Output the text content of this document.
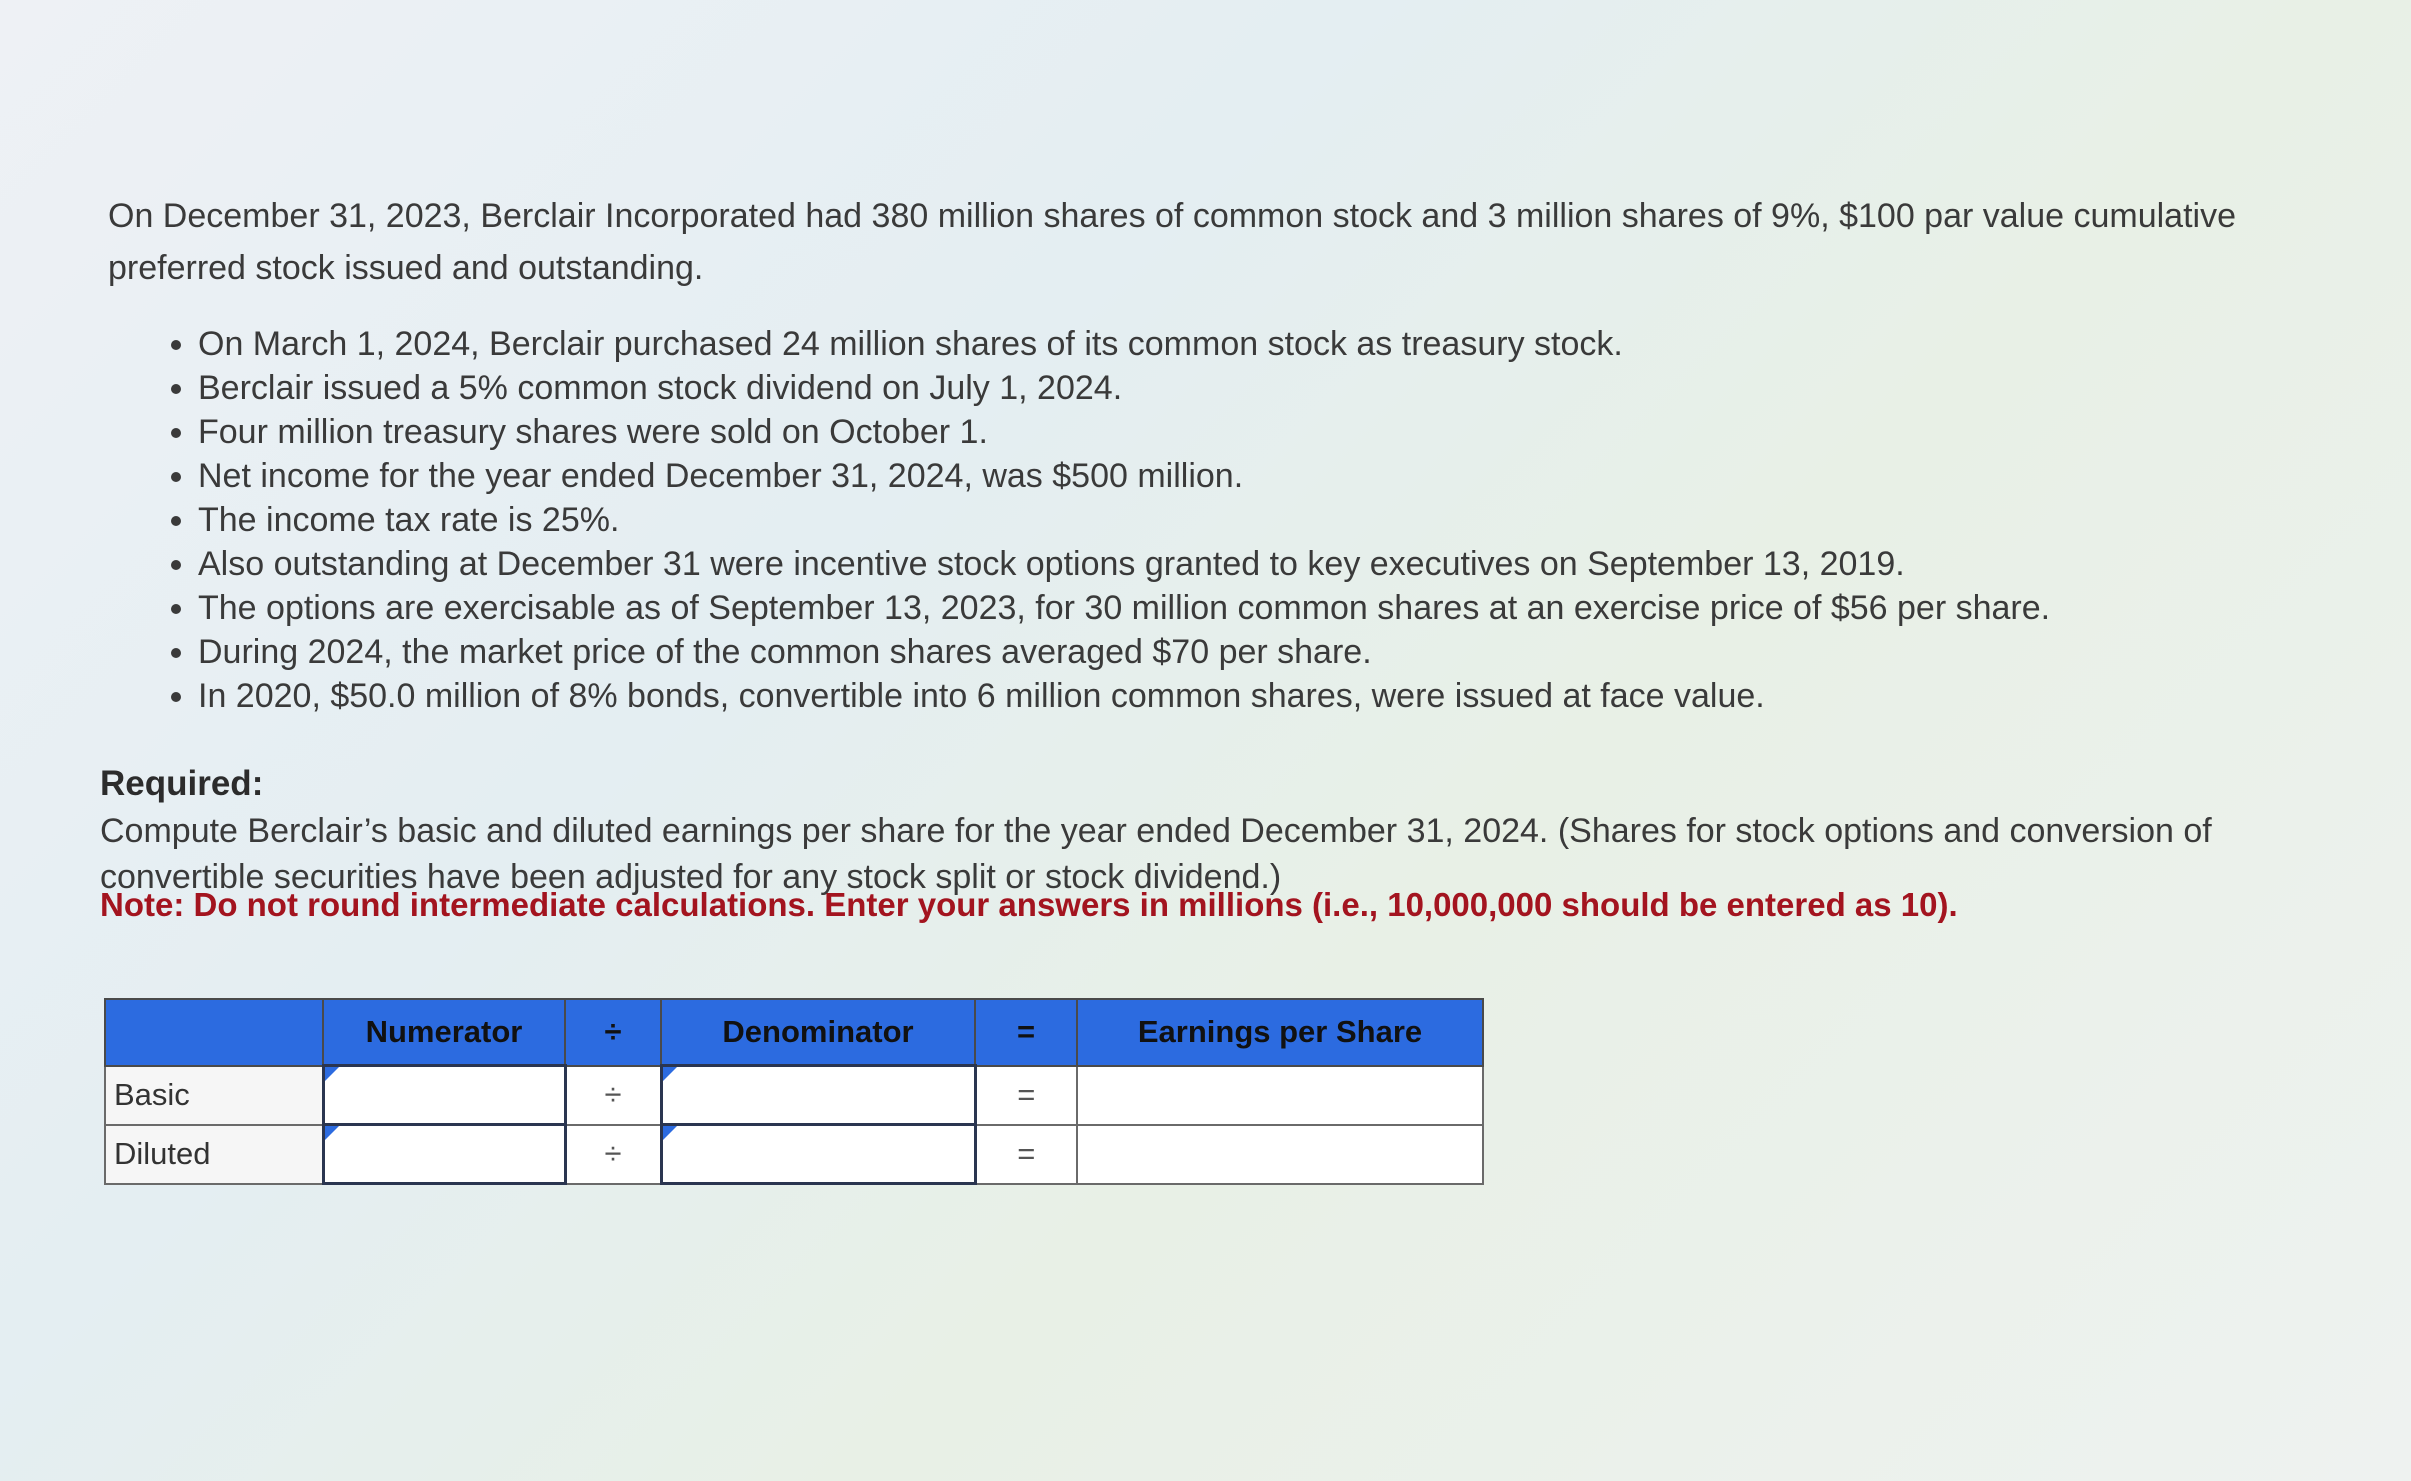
On December 31, 2023, Berclair Incorporated had 380 million shares of common stock and 3 million shares of 9%, $100 par value cumulative preferred stock issued and outstanding.

• On March 1, 2024, Berclair purchased 24 million shares of its common stock as treasury stock.
• Berclair issued a 5% common stock dividend on July 1, 2024.
• Four million treasury shares were sold on October 1.
• Net income for the year ended December 31, 2024, was $500 million.
• The income tax rate is 25%.
• Also outstanding at December 31 were incentive stock options granted to key executives on September 13, 2019.
• The options are exercisable as of September 13, 2023, for 30 million common shares at an exercise price of $56 per share.
• During 2024, the market price of the common shares averaged $70 per share.
• In 2020, $50.0 million of 8% bonds, convertible into 6 million common shares, were issued at face value.

Required:

Compute Berclair’s basic and diluted earnings per share for the year ended December 31, 2024. (Shares for stock options and conversion of convertible securities have been adjusted for any stock split or stock dividend.)

Note: Do not round intermediate calculations. Enter your answers in millions (i.e., 10,000,000 should be entered as 10).

	Numerator	÷	Denominator	=	Earnings per Share
Basic		÷		=	
Diluted		÷		=	
